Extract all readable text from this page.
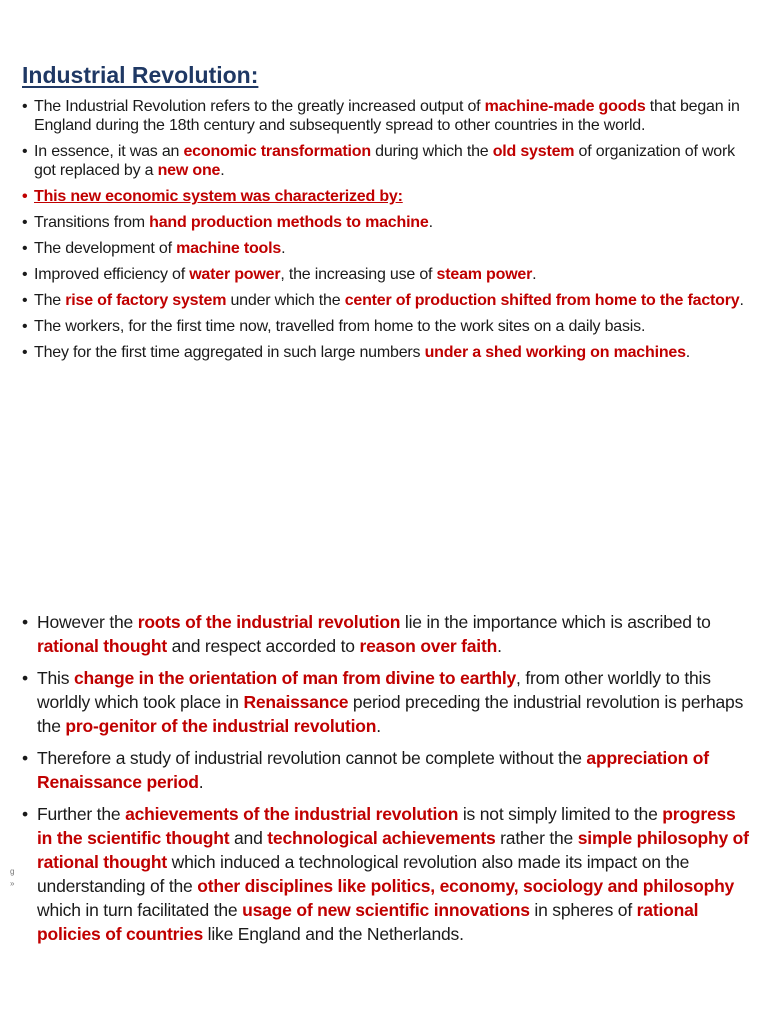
Industrial Revolution:
• The Industrial Revolution refers to the greatly increased output of machine-made goods that began in England during the 18th century and subsequently spread to other countries in the world.
• In essence, it was an economic transformation during which the old system of organization of work got replaced by a new one.
• This new economic system was characterized by:
• Transitions from hand production methods to machine.
• The development of machine tools.
• Improved efficiency of water power, the increasing use of steam power.
• The rise of factory system under which the center of production shifted from home to the factory.
• The workers, for the first time now, travelled from home to the work sites on a daily basis.
• They for the first time aggregated in such large numbers under a shed working on machines.
• However the roots of the industrial revolution lie in the importance which is ascribed to rational thought and respect accorded to reason over faith.
• This change in the orientation of man from divine to earthly, from other worldly to this worldly which took place in Renaissance period preceding the industrial revolution is perhaps the pro-genitor of the industrial revolution.
• Therefore a study of industrial revolution cannot be complete without the appreciation of Renaissance period.
• Further the achievements of the industrial revolution is not simply limited to the progress in the scientific thought and technological achievements rather the simple philosophy of rational thought which induced a technological revolution also made its impact on the understanding of the other disciplines like politics, economy, sociology and philosophy which in turn facilitated the usage of new scientific innovations in spheres of rational policies of countries like England and the Netherlands.
g
»
